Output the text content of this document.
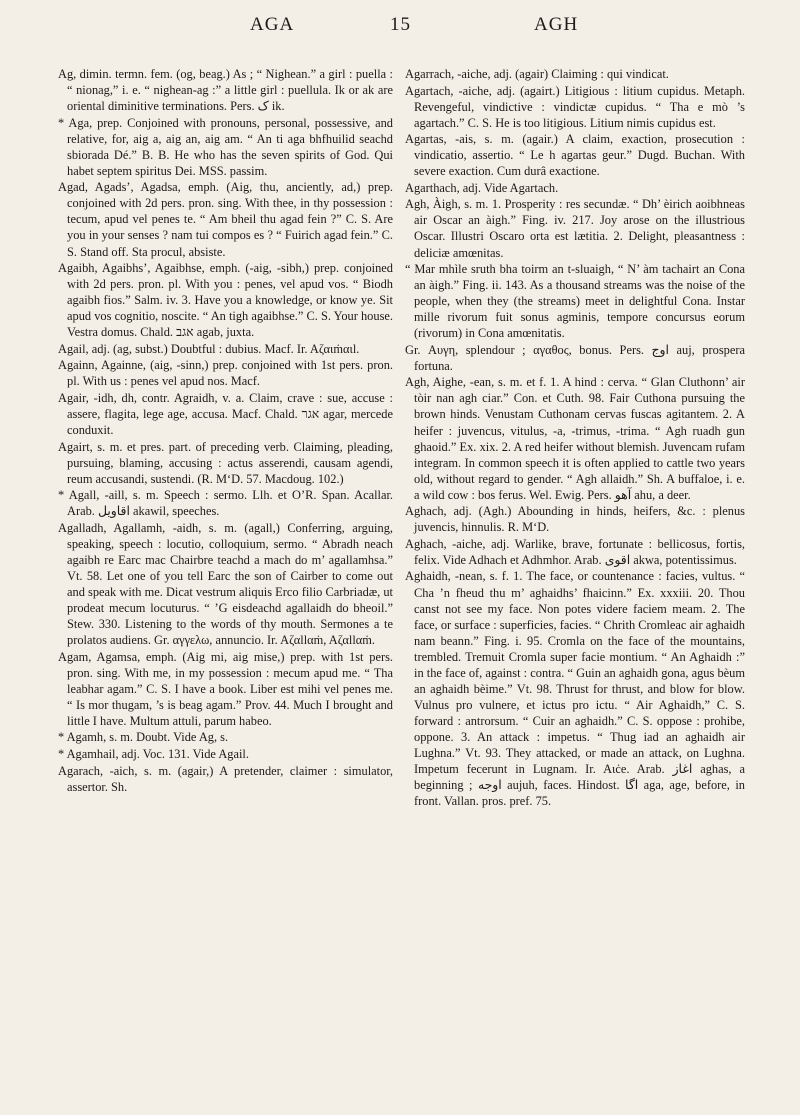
AGA	15	AGH

Ag, dimin. termn. fem. (og, beag.) As ; “ Nighean.” a girl : puella : “ nionag,” i. e. “ nighean-ag :” a little girl : puellula. Ik or ak are oriental diminitive terminations. Pers. ک ik.

* Aga, prep. Conjoined with pronouns, personal, possessive, and relative, for, aig a, aig an, aig am. “ An ti aga bhfhuilid seachd sbiorada Dé.” B. B. He who has the seven spirits of God. Qui habet septem spiritus Dei. MSS. passim.

Agad, Agads’, Agadsa, emph. (Aig, thu, anciently, ad,) prep. conjoined with 2d pers. pron. sing. With thee, in thy possession : tecum, apud vel penes te. “ Am bheil thu agad fein ?” C. S. Are you in your senses ? nam tui compos es ? “ Fuirich agad fein.” C. S. Stand off. Sta procul, absiste.

Agaibh, Agaibhs’, Agaibhse, emph. (-aig, -sibh,) prep. conjoined with 2d pers. pron. pl. With you : penes, vel apud vos. “ Biodh agaibh fios.” Salm. iv. 3. Have you a knowledge, or know ye. Sit apud vos cognitio, noscite. “ An tigh agaibhse.” C. S. Your house. Vestra domus. Chald. אגב agab, juxta.

Agail, adj. (ag, subst.) Doubtful : dubius. Macf. Ir. Aζαιṁαιl.

Againn, Againne, (aig, -sinn,) prep. conjoined with 1st pers. pron. pl. With us : penes vel apud nos. Macf.

Agair, -idh, dh, contr. Agraidh, v. a. Claim, crave : sue, accuse : assere, flagita, lege age, accusa. Macf. Chald. אגר agar, mercede conduxit.

Agairt, s. m. et pres. part. of preceding verb. Claiming, pleading, pursuing, blaming, accusing : actus asserendi, causam agendi, reum accusandi, sustendi. (R. M‘D. 57. Macdoug. 102.)

* Agall, -aill, s. m. Speech : sermo. Llh. et O’R. Span. Acallar. Arab. اقاويل akawil, speeches.

Agalladh, Agallamh, -aidh, s. m. (agall,) Conferring, arguing, speaking, speech : locutio, colloquium, sermo. “ Abradh neach agaibh re Earc mac Chairbre teachd a mach do m’ agallamhsa.” Vt. 58. Let one of you tell Earc the son of Cairber to come out and speak with me. Dicat vestrum aliquis Erco filio Carbriadæ, ut prodeat mecum locuturus. “ ’G eisdeachd agallaidh do bheoil.” Stew. 330. Listening to the words of thy mouth. Sermones a te prolatos audiens. Gr. αγγελω, annuncio. Ir. Aζαllαṁ, Aζαllαṁ.

Agam, Agamsa, emph. (Aig mi, aig mise,) prep. with 1st pers. pron. sing. With me, in my possession : mecum apud me. “ Tha leabhar agam.” C. S. I have a book. Liber est mihi vel penes me. “ Is mor thugam, ’s is beag agam.” Prov. 44. Much I brought and little I have. Multum attuli, parum habeo.

* Agamh, s. m. Doubt. Vide Ag, s.

* Agamhail, adj. Voc. 131. Vide Agail.

Agarach, -aich, s. m. (agair,) A pretender, claimer : simulator, assertor. Sh.

Agarrach, -aiche, adj. (agair) Claiming : qui vindicat.

Agartach, -aiche, adj. (agairt.) Litigious : litium cupidus. Metaph. Revengeful, vindictive : vindictæ cupidus. “ Tha e mò ’s agartach.” C. S. He is too litigious. Litium nimis cupidus est.

Agartas, -ais, s. m. (agair.) A claim, exaction, prosecution : vindicatio, assertio. “ Le h agartas geur.” Dugd. Buchan. With severe exaction. Cum durâ exactione.

Agarthach, adj. Vide Agartach.

Agh, Àigh, s. m. 1. Prosperity : res secundæ. “ Dh’ èirich aoibhneas air Oscar an àigh.” Fing. iv. 217. Joy arose on the illustrious Oscar. Illustri Oscaro orta est lætitia. 2. Delight, pleasantness : deliciæ amœnitas.

“ Mar mhìle sruth bha toirm an t-sluaigh, “ N’ àm tachairt an Cona an àigh.” Fing. ii. 143. As a thousand streams was the noise of the people, when they (the streams) meet in delightful Cona. Instar mille rivorum fuit sonus agminis, tempore concursus eorum (rivorum) in Cona amœnitatis.

Gr. Αυγη, splendour ; αγαθος, bonus. Pers. اوج auj, prospera fortuna.

Agh, Aighe, -ean, s. m. et f. 1. A hind : cerva. “ Glan Cluthonn’ air tòir nan agh ciar.” Con. et Cuth. 98. Fair Cuthona pursuing the brown hinds. Venustam Cuthonam cervas fuscas agitantem. 2. A heifer : juvencus, vitulus, -a, -trimus, -trima. “ Agh ruadh gun ghaoid.” Ex. xix. 2. A red heifer without blemish. Juvencam rufam integram. In common speech it is often applied to cattle two years old, without regard to gender. “ Agh allaidh.” Sh. A buffaloe, i. e. a wild cow : bos ferus. Wel. Ewig. Pers. آهو ahu, a deer.

Aghach, adj. (Agh.) Abounding in hinds, heifers, &c. : plenus juvencis, hinnulis. R. M‘D.

Aghach, -aiche, adj. Warlike, brave, fortunate : bellicosus, fortis, felix. Vide Adhach et Adhmhor. Arab. اقوى akwa, potentissimus.

Aghaidh, -nean, s. f. 1. The face, or countenance : facies, vultus. “ Cha ’n fheud thu m’ aghaidhs’ fhaicinn.” Ex. xxxiii. 20. Thou canst not see my face. Non potes videre faciem meam. 2. The face, or surface : superficies, facies. “ Chrith Cromleac air aghaidh nam beann.” Fing. i. 95. Cromla on the face of the mountains, trembled. Tremuit Cromla super facie montium. “ An Aghaidh :” in the face of, against : contra. “ Guin an aghaidh gona, agus bèum an aghaidh bèime.” Vt. 98. Thrust for thrust, and blow for blow. Vulnus pro vulnere, et ictus pro ictu. “ Air Aghaidh,” C. S. forward : antrorsum. “ Cuir an aghaidh.” C. S. oppose : prohibe, oppone. 3. An attack : impetus. “ Thug iad an aghaidh air Lughna.” Vt. 93. They attacked, or made an attack, on Lughna. Impetum fecerunt in Lugnam. Ir. Aιċe. Arab. اغاز aghas, a beginning ; اوجه aujuh, faces. Hindost. اگا aga, age, before, in front. Vallan. pros. pref. 75.
